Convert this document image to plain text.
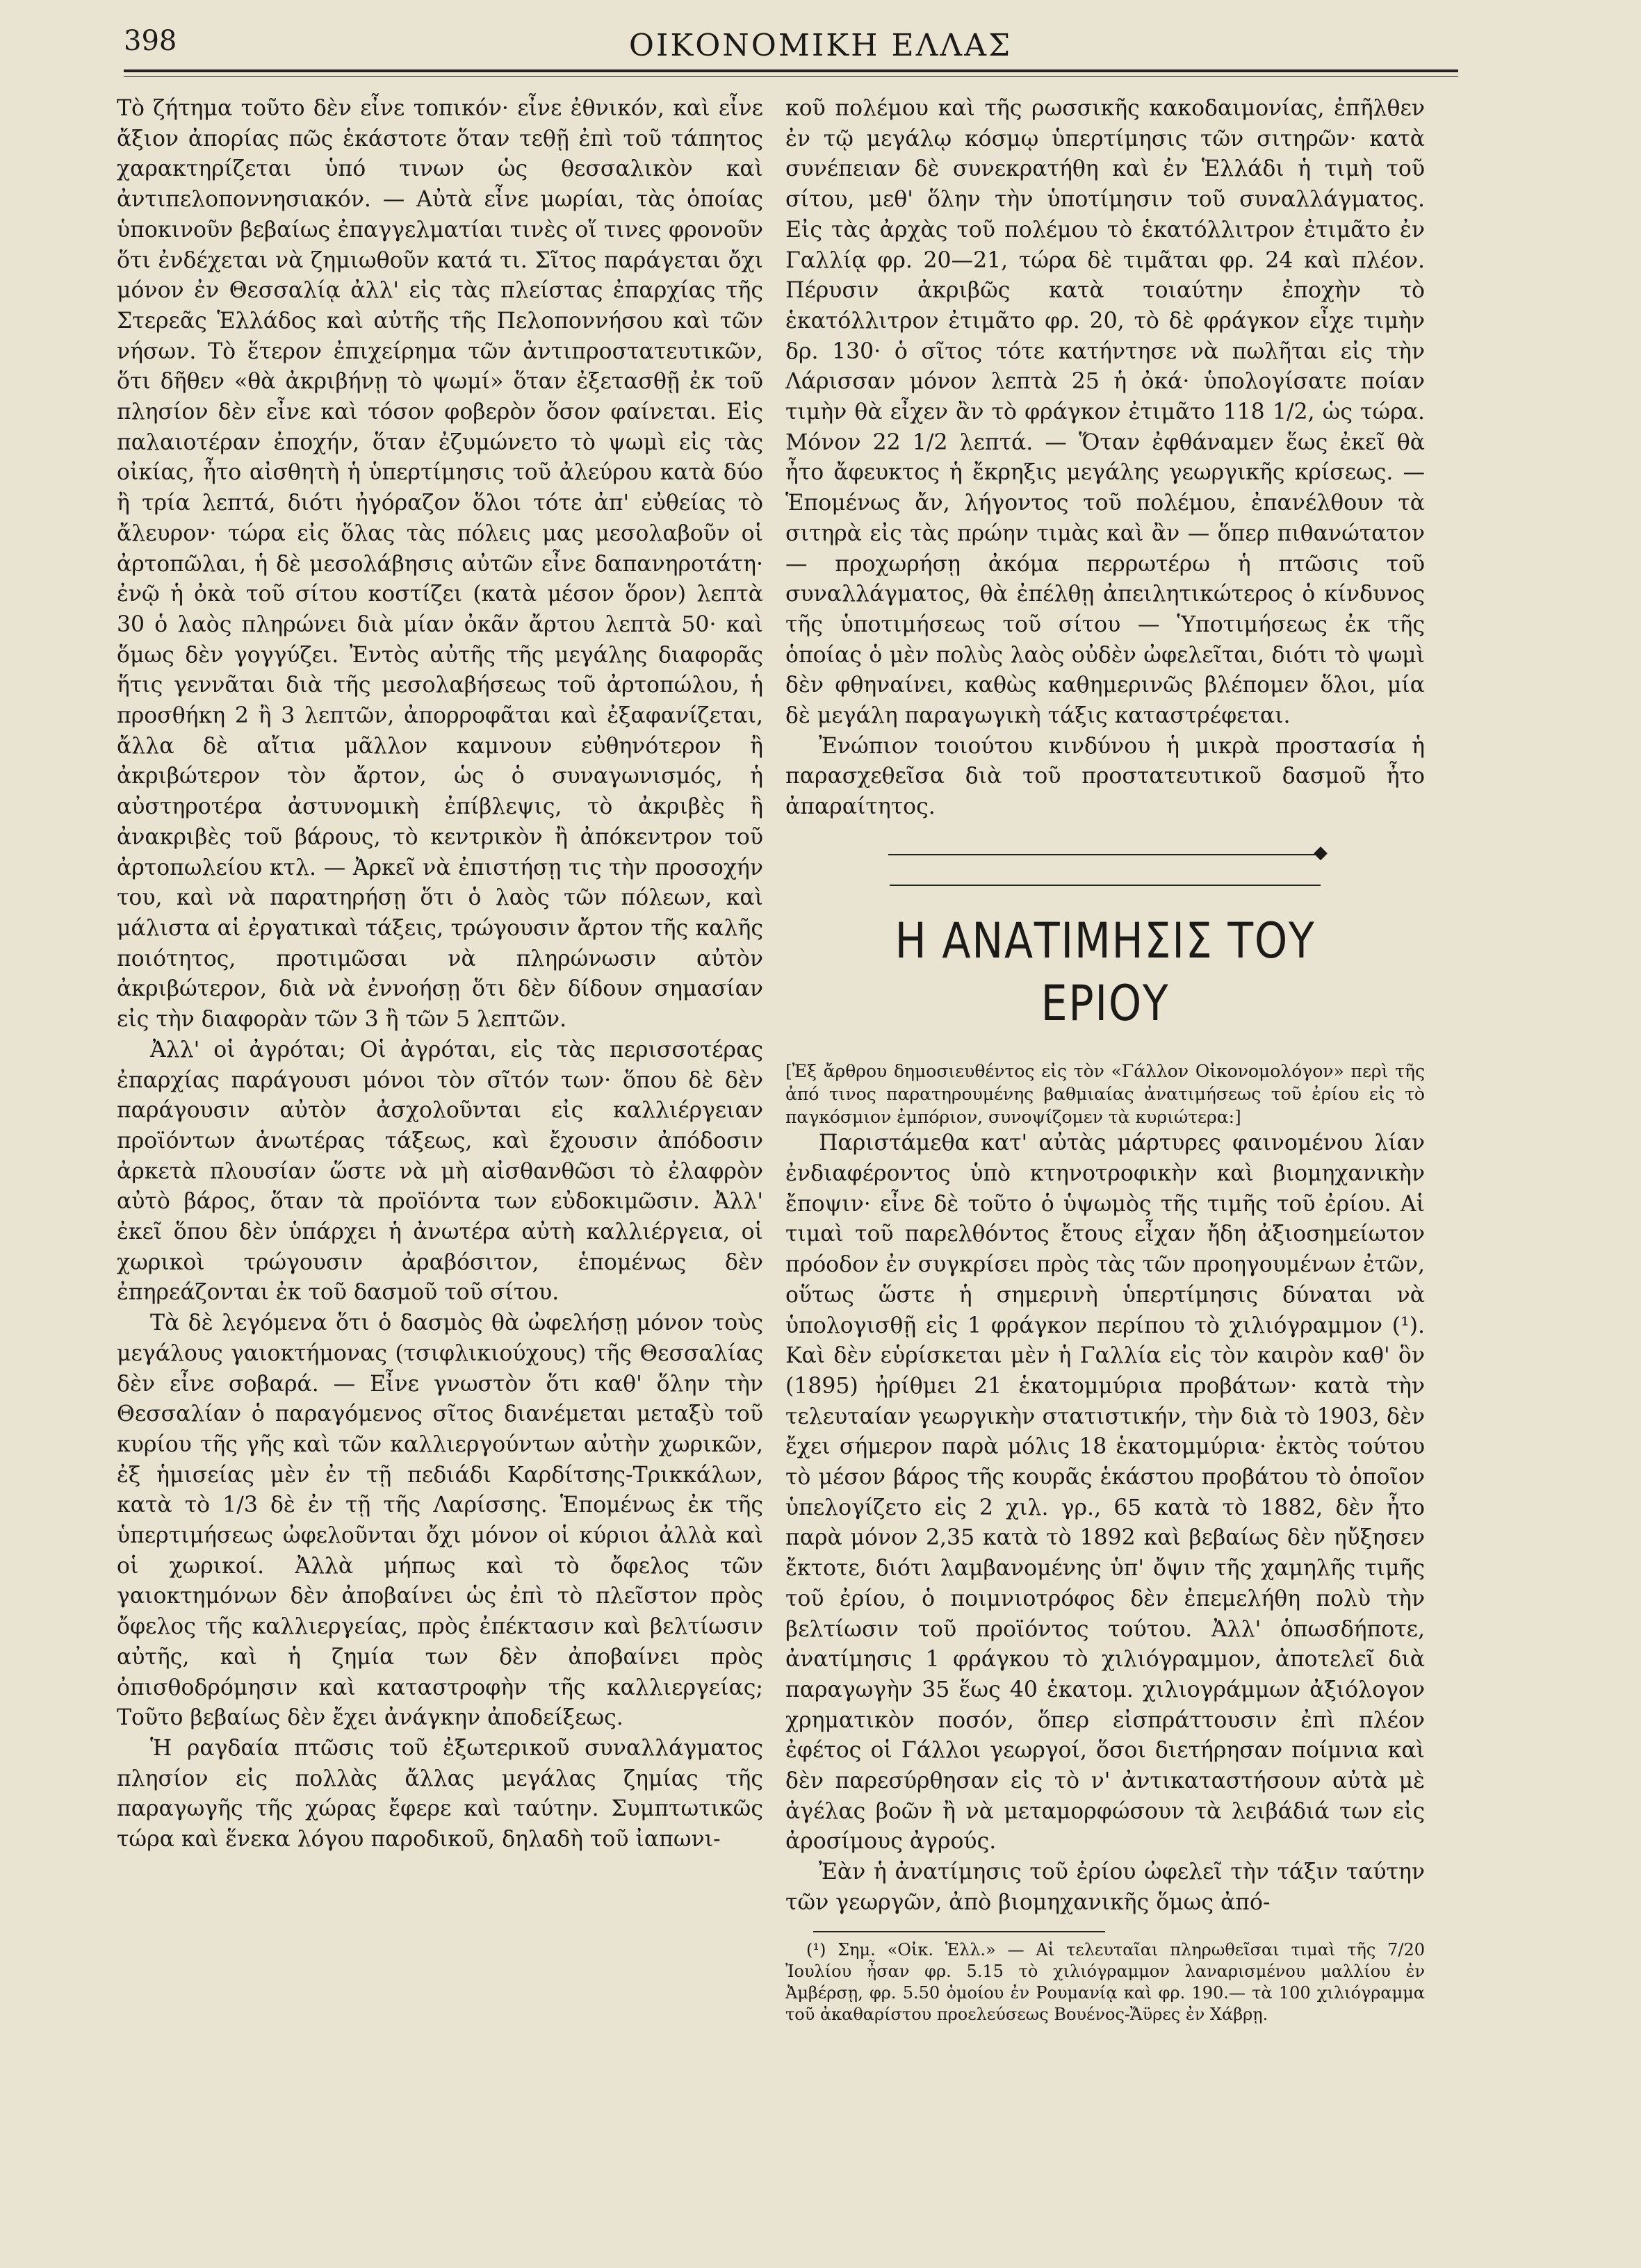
398	ΟΙΚΟΝΟΜΙΚΗ ΕΛΛΑΣ

Τὸ ζήτημα τοῦτο δὲν εἶνε τοπικόν· εἶνε ἐθνικόν, καὶ εἶνε ἄξιον ἀπορίας πῶς ἑκάστοτε ὅταν τεθῇ ἐπὶ τοῦ τάπητος χαρακτηρίζεται ὑπό τινων ὡς θεσσαλικὸν καὶ ἀντιπελοποννησιακόν. — Αὐτὰ εἶνε μωρίαι, τὰς ὁποίας ὑποκινοῦν βεβαίως ἐπαγγελματίαι τινὲς οἵ τινες φρονοῦν ὅτι ἐνδέχεται νὰ ζημιωθοῦν κατά τι. Σῖτος παράγεται ὄχι μόνον ἐν Θεσσαλίᾳ ἀλλ' εἰς τὰς πλείστας ἐπαρχίας τῆς Στερεᾶς Ἑλλάδος καὶ αὐτῆς τῆς Πελοποννήσου καὶ τῶν νήσων. Τὸ ἕτερον ἐπιχείρημα τῶν ἀντιπροστατευτικῶν, ὅτι δῆθεν «θὰ ἀκριβήνῃ τὸ ψωμί» ὅταν ἐξετασθῇ ἐκ τοῦ πλησίον δὲν εἶνε καὶ τόσον φοβερὸν ὅσον φαίνεται. Εἰς παλαιοτέραν ἐποχήν, ὅταν ἐζυμώνετο τὸ ψωμὶ εἰς τὰς οἰκίας, ἦτο αἰσθητὴ ἡ ὑπερτίμησις τοῦ ἀλεύρου κατὰ δύο ἢ τρία λεπτά, διότι ἠγόραζον ὅλοι τότε ἀπ' εὐθείας τὸ ἄλευρον· τώρα εἰς ὅλας τὰς πόλεις μας μεσολαβοῦν οἱ ἀρτοπῶλαι, ἡ δὲ μεσολάβησις αὐτῶν εἶνε δαπανηροτάτη· ἐνῷ ἡ ὀκὰ τοῦ σίτου κοστίζει (κατὰ μέσον ὅρον) λεπτὰ 30 ὁ λαὸς πληρώνει διὰ μίαν ὀκᾶν ἄρτου λεπτὰ 50· καὶ ὅμως δὲν γογγύζει. Ἐντὸς αὐτῆς τῆς μεγάλης διαφορᾶς ἥτις γεννᾶται διὰ τῆς μεσολαβήσεως τοῦ ἀρτοπώλου, ἡ προσθήκη 2 ἢ 3 λεπτῶν, ἀπορροφᾶται καὶ ἐξαφανίζεται, ἄλλα δὲ αἴτια μᾶλλον καμνουν εὐθηνότερον ἢ ἀκριβώτερον τὸν ἄρτον, ὡς ὁ συναγωνισμός, ἡ αὐστηροτέρα ἀστυνομικὴ ἐπίβλεψις, τὸ ἀκριβὲς ἢ ἀνακριβὲς τοῦ βάρους, τὸ κεντρικὸν ἢ ἀπόκεντρον τοῦ ἀρτοπωλείου κτλ. — Ἀρκεῖ νὰ ἐπιστήσῃ τις τὴν προσοχήν του, καὶ νὰ παρατηρήσῃ ὅτι ὁ λαὸς τῶν πόλεων, καὶ μάλιστα αἱ ἐργατικαὶ τάξεις, τρώγουσιν ἄρτον τῆς καλῆς ποιότητος, προτιμῶσαι νὰ πληρώνωσιν αὐτὸν ἀκριβώτερον, διὰ νὰ ἐννοήσῃ ὅτι δὲν δίδουν σημασίαν εἰς τὴν διαφορὰν τῶν 3 ἢ τῶν 5 λεπτῶν.

Ἀλλ' οἱ ἀγρόται; Οἱ ἀγρόται, εἰς τὰς περισσοτέρας ἐπαρχίας παράγουσι μόνοι τὸν σῖτόν των· ὅπου δὲ δὲν παράγουσιν αὐτὸν ἀσχολοῦνται εἰς καλλιέργειαν προϊόντων ἀνωτέρας τάξεως, καὶ ἔχουσιν ἀπόδοσιν ἀρκετὰ πλουσίαν ὥστε νὰ μὴ αἰσθανθῶσι τὸ ἐλαφρὸν αὐτὸ βάρος, ὅταν τὰ προϊόντα των εὐδοκιμῶσιν. Ἀλλ' ἐκεῖ ὅπου δὲν ὑπάρχει ἡ ἀνωτέρα αὐτὴ καλλιέργεια, οἱ χωρικοὶ τρώγουσιν ἀραβόσιτον, ἑπομένως δὲν ἐπηρεάζονται ἐκ τοῦ δασμοῦ τοῦ σίτου.

Τὰ δὲ λεγόμενα ὅτι ὁ δασμὸς θὰ ὠφελήσῃ μόνον τοὺς μεγάλους γαιοκτήμονας (τσιφλικιούχους) τῆς Θεσσαλίας δὲν εἶνε σοβαρά. — Εἶνε γνωστὸν ὅτι καθ' ὅλην τὴν Θεσσαλίαν ὁ παραγόμενος σῖτος διανέμεται μεταξὺ τοῦ κυρίου τῆς γῆς καὶ τῶν καλλιεργούντων αὐτὴν χωρικῶν, ἐξ ἡμισείας μὲν ἐν τῇ πεδιάδι Καρδίτσης-Τρικκάλων, κατὰ τὸ 1/3 δὲ ἐν τῇ τῆς Λαρίσσης. Ἑπομένως ἐκ τῆς ὑπερτιμήσεως ὠφελοῦνται ὄχι μόνον οἱ κύριοι ἀλλὰ καὶ οἱ χωρικοί. Ἀλλὰ μήπως καὶ τὸ ὄφελος τῶν γαιοκτημόνων δὲν ἀποβαίνει ὡς ἐπὶ τὸ πλεῖστον πρὸς ὄφελος τῆς καλλιεργείας, πρὸς ἐπέκτασιν καὶ βελτίωσιν αὐτῆς, καὶ ἡ ζημία των δὲν ἀποβαίνει πρὸς ὀπισθοδρόμησιν καὶ καταστροφὴν τῆς καλλιεργείας; Τοῦτο βεβαίως δὲν ἔχει ἀνάγκην ἀποδείξεως.

Ἡ ραγδαία πτῶσις τοῦ ἐξωτερικοῦ συναλλάγματος πλησίον εἰς πολλὰς ἄλλας μεγάλας ζημίας τῆς παραγωγῆς τῆς χώρας ἔφερε καὶ ταύτην. Συμπτωτικῶς τώρα καὶ ἕνεκα λόγου παροδικοῦ, δηλαδὴ τοῦ ἰαπωνι-

κοῦ πολέμου καὶ τῆς ρωσσικῆς κακοδαιμονίας, ἐπῆλθεν ἐν τῷ μεγάλῳ κόσμῳ ὑπερτίμησις τῶν σιτηρῶν· κατὰ συνέπειαν δὲ συνεκρατήθη καὶ ἐν Ἑλλάδι ἡ τιμὴ τοῦ σίτου, μεθ' ὅλην τὴν ὑποτίμησιν τοῦ συναλλάγματος. Εἰς τὰς ἀρχὰς τοῦ πολέμου τὸ ἑκατόλλιτρον ἐτιμᾶτο ἐν Γαλλίᾳ φρ. 20—21, τώρα δὲ τιμᾶται φρ. 24 καὶ πλέον. Πέρυσιν ἀκριβῶς κατὰ τοιαύτην ἐποχὴν τὸ ἑκατόλλιτρον ἐτιμᾶτο φρ. 20, τὸ δὲ φράγκον εἶχε τιμὴν δρ. 130· ὁ σῖτος τότε κατήντησε νὰ πωλῆται εἰς τὴν Λάρισσαν μόνον λεπτὰ 25 ἡ ὀκά· ὑπολογίσατε ποίαν τιμὴν θὰ εἶχεν ἂν τὸ φράγκον ἐτιμᾶτο 118 1/2, ὡς τώρα. Μόνον 22 1/2 λεπτά. — Ὅταν ἐφθάναμεν ἕως ἐκεῖ θὰ ἦτο ἄφευκτος ἡ ἔκρηξις μεγάλης γεωργικῆς κρίσεως. — Ἑπομένως ἄν, λήγοντος τοῦ πολέμου, ἐπανέλθουν τὰ σιτηρὰ εἰς τὰς πρώην τιμὰς καὶ ἂν — ὅπερ πιθανώτατον — προχωρήσῃ ἀκόμα περρωτέρω ἡ πτῶσις τοῦ συναλλάγματος, θὰ ἐπέλθῃ ἀπειλητικώτερος ὁ κίνδυνος τῆς ὑποτιμήσεως τοῦ σίτου — Ὑποτιμήσεως ἐκ τῆς ὁποίας ὁ μὲν πολὺς λαὸς οὐδὲν ὠφελεῖται, διότι τὸ ψωμὶ δὲν φθηναίνει, καθὼς καθημερινῶς βλέπομεν ὅλοι, μία δὲ μεγάλη παραγωγικὴ τάξις καταστρέφεται.

Ἐνώπιον τοιούτου κινδύνου ἡ μικρὰ προστασία ἡ παρασχεθεῖσα διὰ τοῦ προστατευτικοῦ δασμοῦ ἦτο ἀπαραίτητος.

◆
Η ΑΝΑΤΙΜΗΣΙΣ ΤΟΥ ΕΡΙΟΥ

[Ἐξ ἄρθρου δημοσιευθέντος εἰς τὸν «Γάλλον Οἰκονομολόγον» περὶ τῆς ἀπό τινος παρατηρουμένης βαθμιαίας ἀνατιμήσεως τοῦ ἐρίου εἰς τὸ παγκόσμιον ἐμπόριον, συνοψίζομεν τὰ κυριώτερα:]

Παριστάμεθα κατ' αὐτὰς μάρτυρες φαινομένου λίαν ἐνδιαφέροντος ὑπὸ κτηνοτροφικὴν καὶ βιομηχανικὴν ἔποψιν· εἶνε δὲ τοῦτο ὁ ὑψωμὸς τῆς τιμῆς τοῦ ἐρίου. Αἱ τιμαὶ τοῦ παρελθόντος ἔτους εἶχαν ἤδη ἀξιοσημείωτον πρόοδον ἐν συγκρίσει πρὸς τὰς τῶν προηγουμένων ἐτῶν, οὕτως ὥστε ἡ σημερινὴ ὑπερτίμησις δύναται νὰ ὑπολογισθῇ εἰς 1 φράγκον περίπου τὸ χιλιόγραμμον (¹). Καὶ δὲν εὑρίσκεται μὲν ἡ Γαλλία εἰς τὸν καιρὸν καθ' ὃν (1895) ἠρίθμει 21 ἑκατομμύρια προβάτων· κατὰ τὴν τελευταίαν γεωργικὴν στατιστικήν, τὴν διὰ τὸ 1903, δὲν ἔχει σήμερον παρὰ μόλις 18 ἑκατομμύρια· ἐκτὸς τούτου τὸ μέσον βάρος τῆς κουρᾶς ἑκάστου προβάτου τὸ ὁποῖον ὑπελογίζετο εἰς 2 χιλ. γρ., 65 κατὰ τὸ 1882, δὲν ἦτο παρὰ μόνον 2,35 κατὰ τὸ 1892 καὶ βεβαίως δὲν ηὔξησεν ἔκτοτε, διότι λαμβανομένης ὑπ' ὄψιν τῆς χαμηλῆς τιμῆς τοῦ ἐρίου, ὁ ποιμνιοτρόφος δὲν ἐπεμελήθη πολὺ τὴν βελτίωσιν τοῦ προϊόντος τούτου. Ἀλλ' ὁπωσδήποτε, ἀνατίμησις 1 φράγκου τὸ χιλιόγραμμον, ἀποτελεῖ διὰ παραγωγὴν 35 ἕως 40 ἑκατομ. χιλιογράμμων ἀξιόλογον χρηματικὸν ποσόν, ὅπερ εἰσπράττουσιν ἐπὶ πλέον ἐφέτος οἱ Γάλλοι γεωργοί, ὅσοι διετήρησαν ποίμνια καὶ δὲν παρεσύρθησαν εἰς τὸ ν' ἀντικαταστήσουν αὐτὰ μὲ ἀγέλας βοῶν ἢ νὰ μεταμορφώσουν τὰ λειβάδιά των εἰς ἀροσίμους ἀγρούς.

Ἐὰν ἡ ἀνατίμησις τοῦ ἐρίου ὠφελεῖ τὴν τάξιν ταύτην τῶν γεωργῶν, ἀπὸ βιομηχανικῆς ὅμως ἀπό-

(¹) Σημ. «Οἰκ. Ἑλλ.» — Αἱ τελευταῖαι πληρωθεῖσαι τιμαὶ τῆς 7/20 Ἰουλίου ἦσαν φρ. 5.15 τὸ χιλιόγραμμον λαναρισμένου μαλλίου ἐν Ἀμβέρσῃ, φρ. 5.50 ὁμοίου ἐν Ρουμανίᾳ καὶ φρ. 190.— τὰ 100 χιλιόγραμμα τοῦ ἀκαθαρίστου προελεύσεως Βουένος-Ἄϋρες ἐν Χάβρῃ.
